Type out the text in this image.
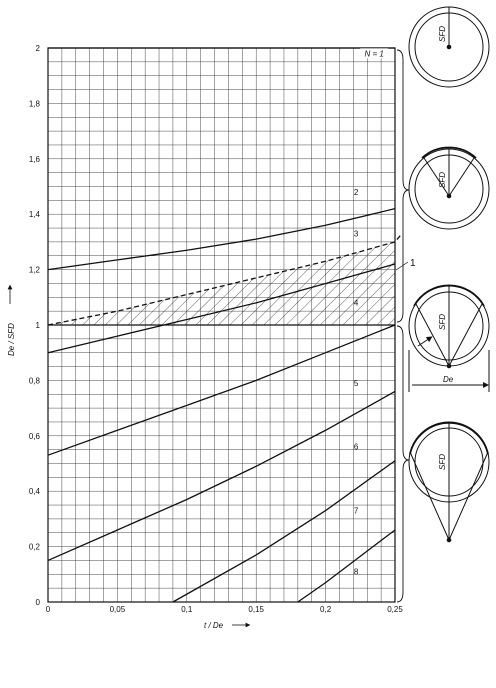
0
0,2
0,4
0,6
0,8
1
1,2
1,4
1,6
1,8
2
0	0,05	0,1	0,15	0,2	0,25
N = 1
2
3
4
5
6
7
8
De / SFD
t / De
1
SFD
SFD
SFD
De
SFD
